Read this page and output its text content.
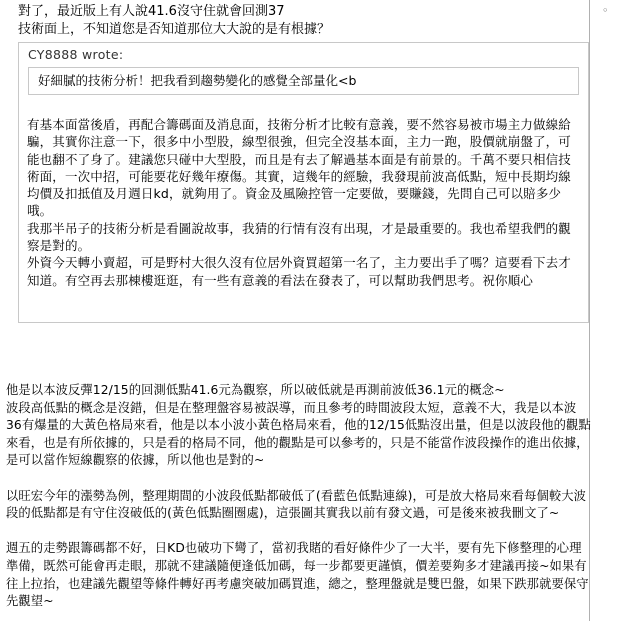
對了，最近版上有人說41.6沒守住就會回測37

技術面上，不知道您是否知道那位大大說的是有根據？

◦
CY8888 wrote:
好細膩的技術分析！把我看到趨勢變化的感覺全部量化<b

有基本面當後盾，再配合籌碼面及消息面，技術分析才比較有意義，要不然容易被市場主力做線給騙，其實你注意一下，很多中小型股，線型很強，但完全沒基本面，主力一跑，股價就崩盤了，可能也翻不了身了。建議您只碰中大型股，而且是有去了解過基本面是有前景的。千萬不要只相信技術面，一次中招，可能要花好幾年療傷。其實，這幾年的經驗，我發現前波高低點，短中長期均線均價及扣抵值及月週日kd，就夠用了。資金及風險控管一定要做，要賺錢，先問自己可以賠多少哦。

我那半吊子的技術分析是看圖說故事，我猜的行情有沒有出現，才是最重要的。我也希望我們的觀察是對的。

外資今天轉小賣超，可是野村大很久沒有位居外資買超第一名了，主力要出手了嗎？這要看下去才知道。有空再去那棟樓逛逛，有一些有意義的看法在發表了，可以幫助我們思考。祝你順心

他是以本波反彈12/15的回測低點41.6元為觀察，所以破低就是再測前波低36.1元的概念~

波段高低點的概念是沒錯，但是在整理盤容易被誤導，而且參考的時間波段太短，意義不大，我是以本波36有爆量的大黃色格局來看，他是以本小波小黃色格局來看，他的12/15低點沒出量，但是以波段他的觀點來看，也是有所依據的，只是看的格局不同，他的觀點是可以參考的，只是不能當作波段操作的進出依據，是可以當作短線觀察的依據，所以他也是對的~

以旺宏今年的漲勢為例，整理期間的小波段低點都破低了(看藍色低點連線)，可是放大格局來看每個較大波段的低點都是有守住沒破低的(黃色低點圈圈處)，這張圖其實我以前有發文過，可是後來被我刪文了~

週五的走勢跟籌碼都不好，日KD也破功下彎了，當初我賭的看好條件少了一大半，要有先下修整理的心理準備，既然可能會再走眼，那就不建議隨便逢低加碼，每一步都要更謹慎，價差要夠多才建議再接~如果有往上拉抬，也建議先觀望等條件轉好再考慮突破加碼買進，總之，整理盤就是雙巴盤，如果下跌那就要保守先觀望~
